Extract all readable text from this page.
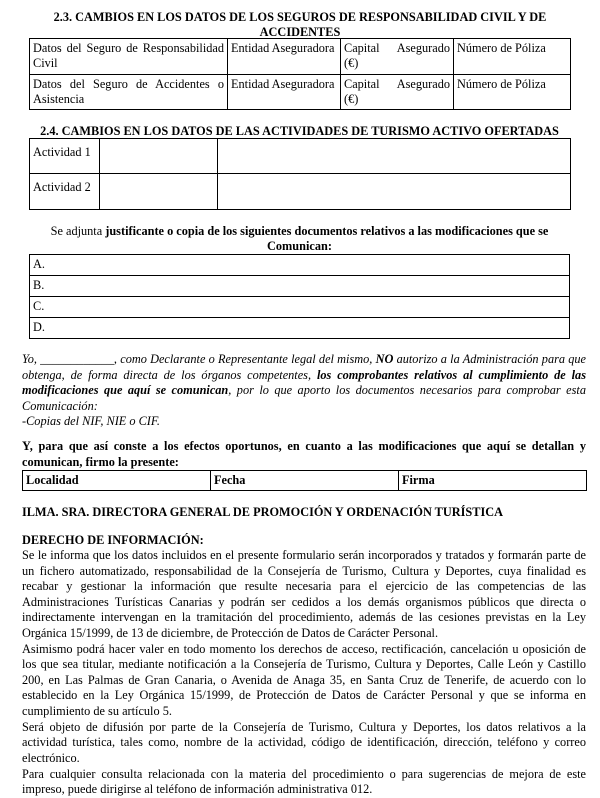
2.3. CAMBIOS EN LOS DATOS DE LOS SEGUROS DE RESPONSABILIDAD CIVIL Y DE
ACCIDENTES
Datos del Seguro de Responsabilidad Civil	Entidad Aseguradora	Capital Asegurado (€)	Número de Póliza
Datos del Seguro de Accidentes o Asistencia	Entidad Aseguradora	Capital Asegurado (€)	Número de Póliza
2.4. CAMBIOS EN LOS DATOS DE LAS ACTIVIDADES DE TURISMO ACTIVO OFERTADAS
Actividad 1		
Actividad 2		
Se adjunta justificante o copia de los siguientes documentos relativos a las modificaciones que se Comunican:
A.
B.
C.
D.
Yo, ____________, como Declarante o Representante legal del mismo, NO autorizo a la Administración para que obtenga, de forma directa de los órganos competentes, los comprobantes relativos al cumplimiento de las modificaciones que aquí se comunican, por lo que aporto los documentos necesarios para comprobar esta Comunicación:
-Copias del NIF, NIE o CIF.
Y, para que así conste a los efectos oportunos, en cuanto a las modificaciones que aquí se detallan y comunican, firmo la presente:
Localidad	Fecha	Firma
ILMA. SRA. DIRECTORA GENERAL DE PROMOCIÓN Y ORDENACIÓN TURÍSTICA
DERECHO DE INFORMACIÓN:
Se le informa que los datos incluidos en el presente formulario serán incorporados y tratados y formarán parte de un fichero automatizado, responsabilidad de la Consejería de Turismo, Cultura y Deportes, cuya finalidad es recabar y gestionar la información que resulte necesaria para el ejercicio de las competencias de las Administraciones Turísticas Canarias y podrán ser cedidos a los demás organismos públicos que directa o indirectamente intervengan en la tramitación del procedimiento, además de las cesiones previstas en la Ley Orgánica 15/1999, de 13 de diciembre, de Protección de Datos de Carácter Personal.
Asimismo podrá hacer valer en todo momento los derechos de acceso, rectificación, cancelación u oposición de los que sea titular, mediante notificación a la Consejería de Turismo, Cultura y Deportes, Calle León y Castillo 200, en Las Palmas de Gran Canaria, o Avenida de Anaga 35, en Santa Cruz de Tenerife, de acuerdo con lo establecido en la Ley Orgánica 15/1999, de Protección de Datos de Carácter Personal y que se informa en cumplimiento de su artículo 5.
Será objeto de difusión por parte de la Consejería de Turismo, Cultura y Deportes, los datos relativos a la actividad turística, tales como, nombre de la actividad, código de identificación, dirección, teléfono y correo electrónico.
Para cualquier consulta relacionada con la materia del procedimiento o para sugerencias de mejora de este impreso, puede dirigirse al teléfono de información administrativa 012.
